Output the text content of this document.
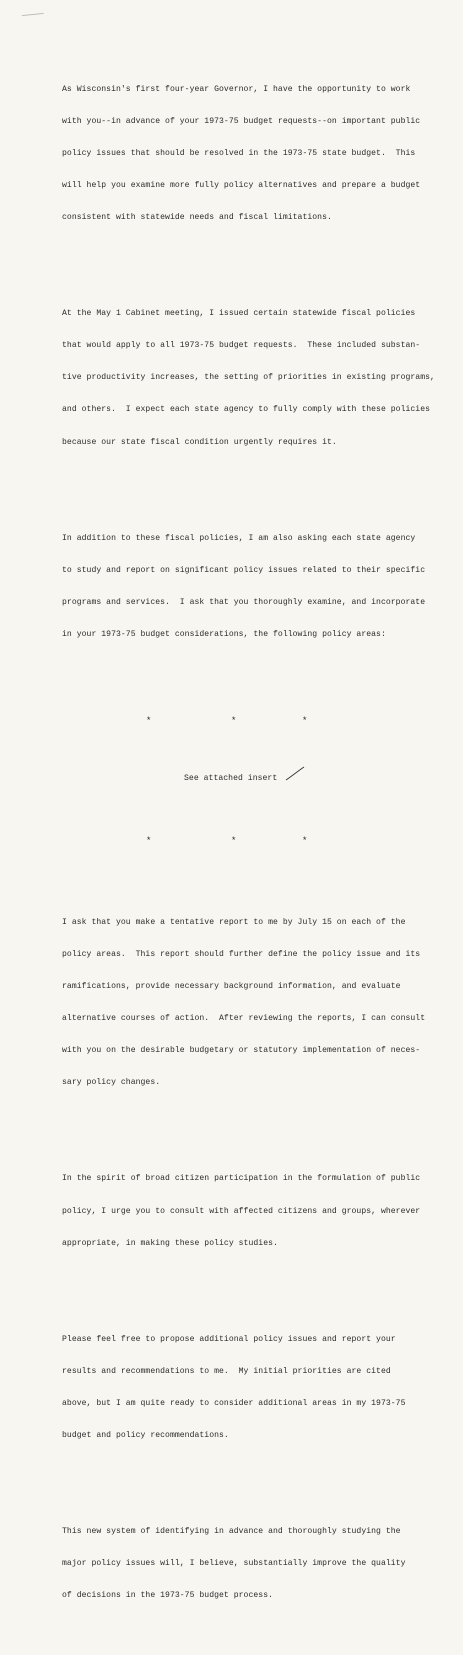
As Wisconsin's first four-year Governor, I have the opportunity to work

with you--in advance of your 1973-75 budget requests--on important public

policy issues that should be resolved in the 1973-75 state budget.  This

will help you examine more fully policy alternatives and prepare a budget

consistent with statewide needs and fiscal limitations.

At the May 1 Cabinet meeting, I issued certain statewide fiscal policies

that would apply to all 1973-75 budget requests.  These included substan-

tive productivity increases, the setting of priorities in existing programs,

and others.  I expect each state agency to fully comply with these policies

because our state fiscal condition urgently requires it.

In addition to these fiscal policies, I am also asking each state agency

to study and report on significant policy issues related to their specific

programs and services.  I ask that you thoroughly examine, and incorporate

in your 1973-75 budget considerations, the following policy areas:

*

	*

	*

See attached insert

*

	*

	*

I ask that you make a tentative report to me by July 15 on each of the

policy areas.  This report should further define the policy issue and its

ramifications, provide necessary background information, and evaluate

alternative courses of action.  After reviewing the reports, I can consult

with you on the desirable budgetary or statutory implementation of neces-

sary policy changes.

In the spirit of broad citizen participation in the formulation of public

policy, I urge you to consult with affected citizens and groups, wherever

appropriate, in making these policy studies.

Please feel free to propose additional policy issues and report your

results and recommendations to me.  My initial priorities are cited

above, but I am quite ready to consider additional areas in my 1973-75

budget and policy recommendations.

This new system of identifying in advance and thoroughly studying the

major policy issues will, I believe, substantially improve the quality

of decisions in the 1973-75 budget process.
